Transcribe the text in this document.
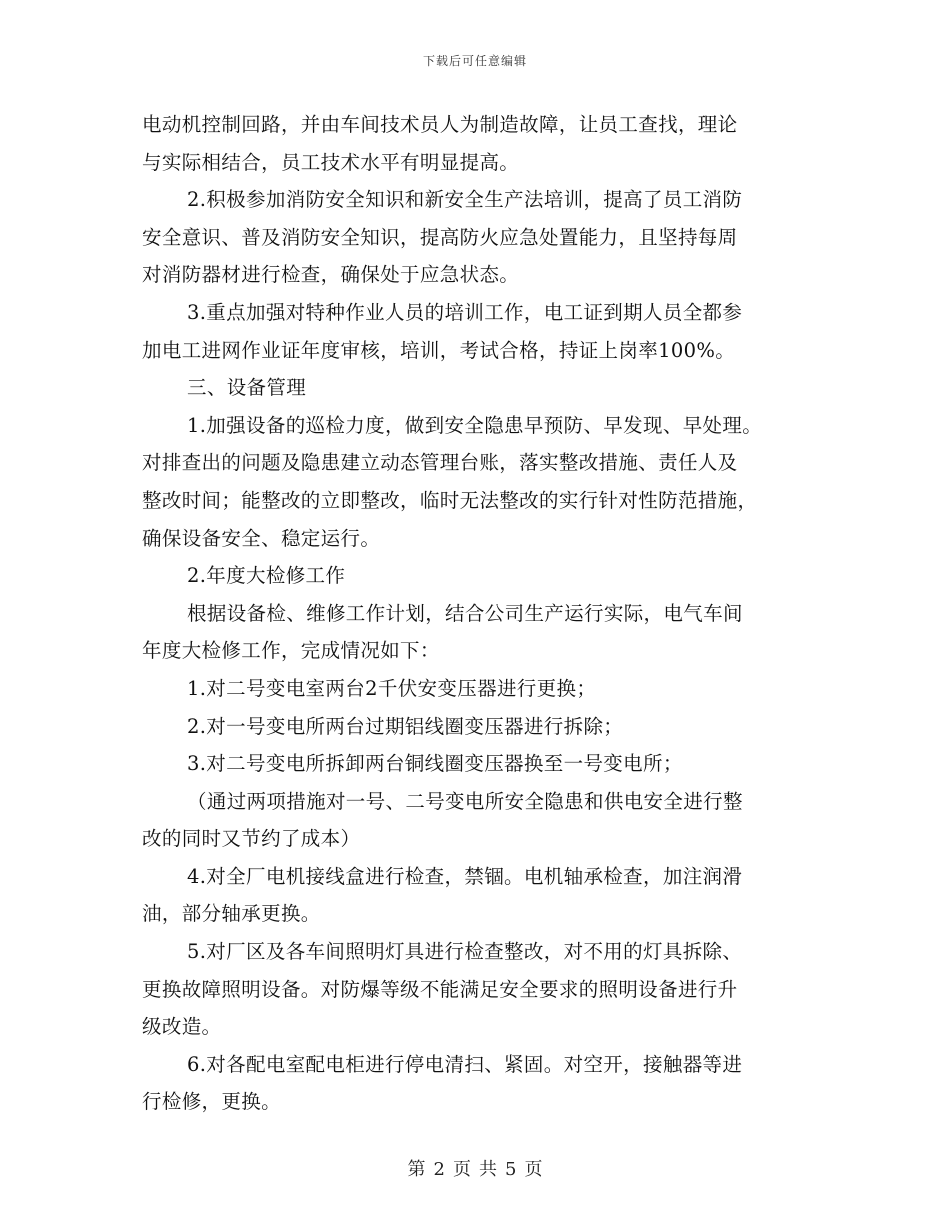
下载后可任意编辑
电动机控制回路，并由车间技术员人为制造故障，让员工查找，理论
与实际相结合，员工技术水平有明显提高。
2.积极参加消防安全知识和新安全生产法培训，提高了员工消防
安全意识、普及消防安全知识，提高防火应急处置能力，且坚持每周
对消防器材进行检查，确保处于应急状态。
3.重点加强对特种作业人员的培训工作，电工证到期人员全都参
加电工进网作业证年度审核，培训，考试合格，持证上岗率100%。
三、设备管理
1.加强设备的巡检力度，做到安全隐患早预防、早发现、早处理。
对排查出的问题及隐患建立动态管理台账，落实整改措施、责任人及
整改时间；能整改的立即整改，临时无法整改的实行针对性防范措施，
确保设备安全、稳定运行。
2.年度大检修工作
根据设备检、维修工作计划，结合公司生产运行实际，电气车间
年度大检修工作，完成情况如下：
1.对二号变电室两台2千伏安变压器进行更换；
2.对一号变电所两台过期铝线圈变压器进行拆除；
3.对二号变电所拆卸两台铜线圈变压器换至一号变电所；
（通过两项措施对一号、二号变电所安全隐患和供电安全进行整
改的同时又节约了成本）
4.对全厂电机接线盒进行检查，禁锢。电机轴承检查，加注润滑
油，部分轴承更换。
5.对厂区及各车间照明灯具进行检查整改，对不用的灯具拆除、
更换故障照明设备。对防爆等级不能满足安全要求的照明设备进行升
级改造。
6.对各配电室配电柜进行停电清扫、紧固。对空开，接触器等进
行检修，更换。
第 2 页 共 5 页
